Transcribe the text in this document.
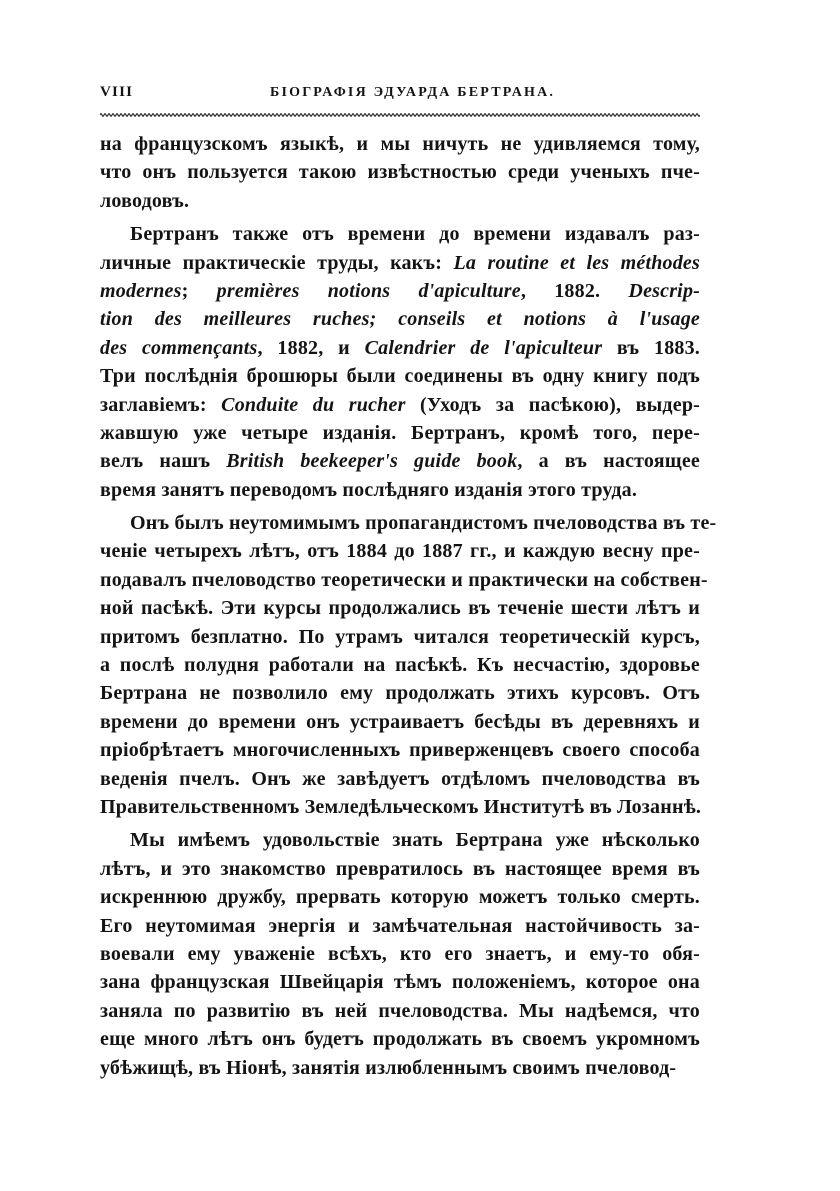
VIII	БІОГРАФІЯ ЭДУАРДА БЕРТРАНА.
на французскомъ языкѣ, и мы ничуть не удивляемся тому,
что онъ пользуется такою извѣстностью среди ученыхъ пче-
ловодовъ.
Бертранъ также отъ времени до времени издавалъ раз-
личные практическіе труды, какъ: La routine et les méthodes
modernes; premières notions d'apiculture, 1882. Descrip-
tion des meilleures ruches; conseils et notions à l'usage
des commençants, 1882, и Calendrier de l'apiculteur въ 1883.
Три послѣднія брошюры были соединены въ одну книгу подъ
заглавіемъ: Conduite du rucher (Уходъ за пасѣкою), выдер-
жавшую уже четыре изданія. Бертранъ, кромѣ того, пере-
велъ нашъ British beekeeper's guide book, а въ настоящее
время занятъ переводомъ послѣдняго изданія этого труда.
Онъ былъ неутомимымъ пропагандистомъ пчеловодства въ те-
ченіе четырехъ лѣтъ, отъ 1884 до 1887 гг., и каждую весну пре-
подавалъ пчеловодство теоретически и практически на собствен-
ной пасѣкѣ. Эти курсы продолжались въ теченіе шести лѣтъ и
притомъ безплатно. По утрамъ читался теоретическій курсъ,
а послѣ полудня работали на пасѣкѣ. Къ несчастію, здоровье
Бертрана не позволило ему продолжать этихъ курсовъ. Отъ
времени до времени онъ устраиваетъ бесѣды въ деревняхъ и
пріобрѣтаетъ многочисленныхъ приверженцевъ своего способа
веденія пчелъ. Онъ же завѣдуетъ отдѣломъ пчеловодства въ
Правительственномъ Земледѣльческомъ Институтѣ въ Лозаннѣ.
Мы имѣемъ удовольствіе знать Бертрана уже нѣсколько
лѣтъ, и это знакомство превратилось въ настоящее время въ
искреннюю дружбу, прервать которую можетъ только смерть.
Его неутомимая энергія и замѣчательная настойчивость за-
воевали ему уваженіе всѣхъ, кто его знаетъ, и ему-то обя-
зана французская Швейцарія тѣмъ положеніемъ, которое она
заняла по развитію въ ней пчеловодства. Мы надѣемся, что
еще много лѣтъ онъ будетъ продолжать въ своемъ укромномъ
убѣжищѣ, въ Ніонѣ, занятія излюбленнымъ своимъ пчеловод-
